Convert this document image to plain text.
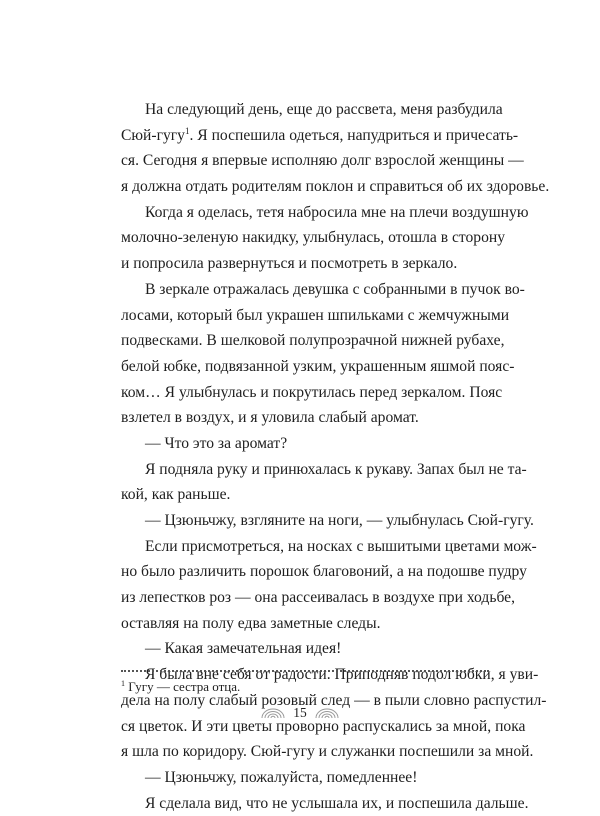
На следующий день, еще до рассвета, меня разбудила
Сюй-гугу$^1$. Я поспешила одеться, напудриться и причесать-
ся. Сегодня я впервые исполняю долг взрослой женщины —
я должна отдать родителям поклон и справиться об их здоровье.
Когда я оделась, тетя набросила мне на плечи воздушную
молочно-зеленую накидку, улыбнулась, отошла в сторону
и попросила развернуться и посмотреть в зеркало.
В зеркале отражалась девушка с собранными в пучок во-
лосами, который был украшен шпильками с жемчужными
подвесками. В шелковой полупрозрачной нижней рубахе,
белой юбке, подвязанной узким, украшенным яшмой пояс-
ком… Я улыбнулась и покрутилась перед зеркалом. Пояс
взлетел в воздух, и я уловила слабый аромат.
— Что это за аромат?
Я подняла руку и принюхалась к рукаву. Запах был не та-
кой, как раньше.
— Цзюньчжу, взгляните на ноги, — улыбнулась Сюй-гугу.
Если присмотреться, на носках с вышитыми цветами мож-
но было различить порошок благовоний, а на подошве пудру
из лепестков роз — она рассеивалась в воздухе при ходьбе,
оставляя на полу едва заметные следы.
— Какая замечательная идея!
Я была вне себя от радости. Приподняв подол юбки, я уви-
дела на полу слабый розовый след — в пыли словно распустил-
ся цветок. И эти цветы проворно распускались за мной, пока
я шла по коридору. Сюй-гугу и служанки поспешили за мной.
— Цзюньчжу, пожалуйста, помедленнее!
Я сделала вид, что не услышала их, и поспешила дальше.
$^1$ Гугу — сестра отца.
15
